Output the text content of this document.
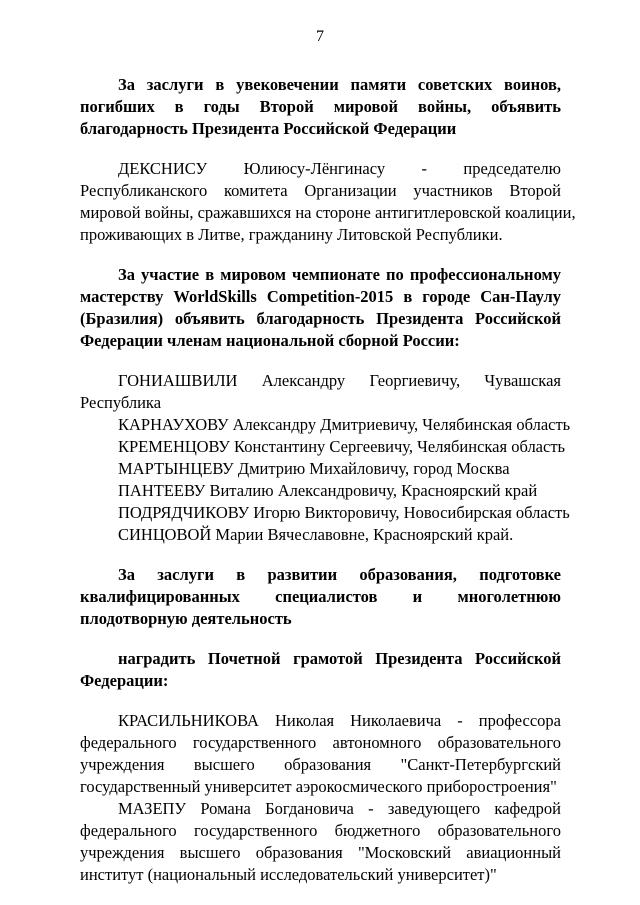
7
За заслуги в увековечении памяти советских воинов,
погибших в годы Второй мировой войны, объявить
благодарность Президента Российской Федерации
ДЕКСНИСУ Юлиюсу-Лёнгинасу - председателю
Республиканского комитета Организации участников Второй
мировой войны, сражавшихся на стороне антигитлеровской коалиции,
проживающих в Литве, гражданину Литовской Республики.
За участие в мировом чемпионате по профессиональному
мастерству WorldSkills Competition-2015 в городе Сан-Паулу
(Бразилия) объявить благодарность Президента Российской
Федерации членам национальной сборной России:
ГОНИАШВИЛИ Александру Георгиевичу, Чувашская
Республика
КАРНАУХОВУ Александру Дмитриевичу, Челябинская область
КРЕМЕНЦОВУ Константину Сергеевичу, Челябинская область
МАРТЫНЦЕВУ Дмитрию Михайловичу, город Москва
ПАНТЕЕВУ Виталию Александровичу, Красноярский край
ПОДРЯДЧИКОВУ Игорю Викторовичу, Новосибирская область
СИНЦОВОЙ Марии Вячеславовне, Красноярский край.
За заслуги в развитии образования, подготовке
квалифицированных специалистов и многолетнюю
плодотворную деятельность
наградить Почетной грамотой Президента Российской
Федерации:
КРАСИЛЬНИКОВА Николая Николаевича - профессора
федерального государственного автономного образовательного
учреждения высшего образования "Санкт-Петербургский
государственный университет аэрокосмического приборостроения"
МАЗЕПУ Романа Богдановича - заведующего кафедрой
федерального государственного бюджетного образовательного
учреждения высшего образования "Московский авиационный
институт (национальный исследовательский университет)"
